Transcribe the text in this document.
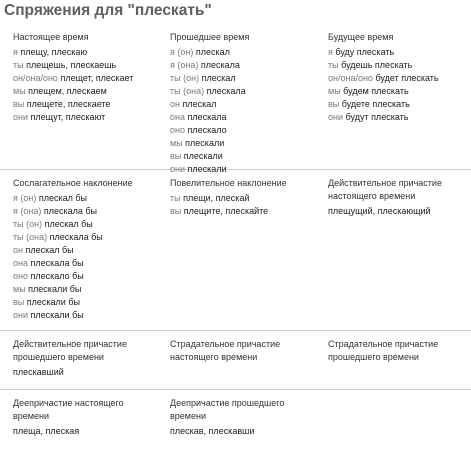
Спряжения для "плескать"
Настоящее время
я плещу, плескаю
ты плещешь, плескаешь
он/она/оно плещет, плескает
мы плещем, плескаем
вы плещете, плескаете
они плещут, плескают
Прошедшее время
я (он) плескал
я (она) плескала
ты (он) плескал
ты (она) плескала
он плескал
она плескала
оно плескало
мы плескали
вы плескали
они плескали
Будущее время
я буду плескать
ты будешь плескать
он/она/оно будет плескать
мы будем плескать
вы будете плескать
они будут плескать
Сослагательное наклонение
я (он) плескал бы
я (она) плескала бы
ты (он) плескал бы
ты (она) плескала бы
он плескал бы
она плескала бы
оно плескало бы
мы плескали бы
вы плескали бы
они плескали бы
Повелительное наклонение
ты плещи, плескай
вы плещите, плескайте
Действительное причастие
настоящего времени
плещущий, плескающий
Действительное причастие
прошедшего времени
плескавший
Страдательное причастие
настоящего времени
Страдательное причастие
прошедшего времени
Деепричастие настоящего
времени
плеща, плеская
Деепричастие прошедшего
времени
плескав, плескавши
